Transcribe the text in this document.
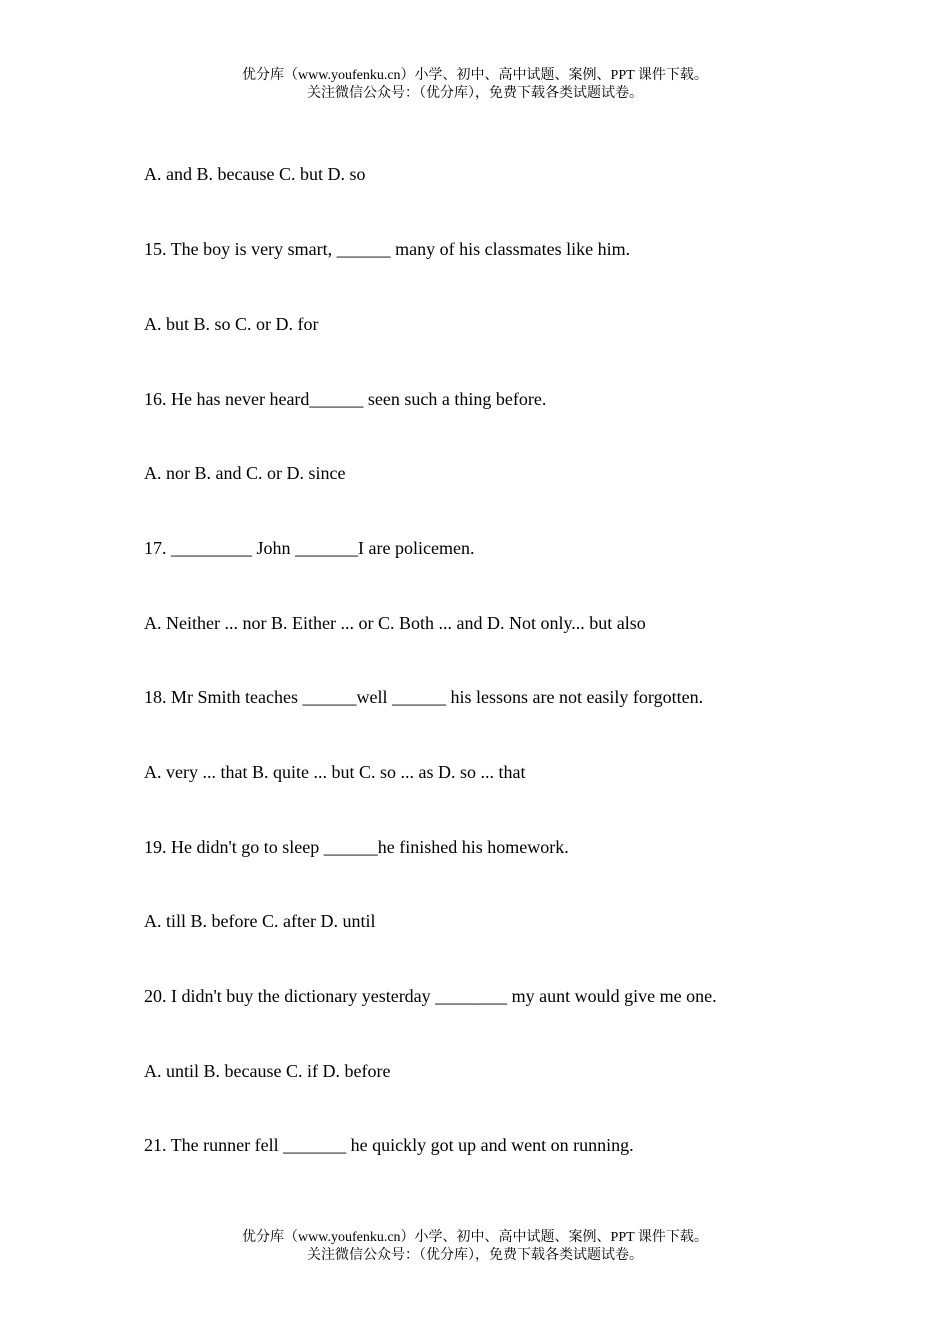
优分库（www.youfenku.cn）小学、初中、高中试题、案例、PPT 课件下载。
关注微信公众号：（优分库），免费下载各类试题试卷。
A. and B. because C. but D. so
15. The boy is very smart, ______ many of his classmates like him.
A. but B. so C. or D. for
16. He has never heard______ seen such a thing before.
A. nor B. and C. or D. since
17. _________ John _______I are policemen.
A. Neither ... nor B. Either ... or C. Both ... and D. Not only... but also
18. Mr Smith teaches ______well ______ his lessons are not easily forgotten.
A. very ... that B. quite ... but C. so ... as D. so ... that
19. He didn't go to sleep ______he finished his homework.
A. till B. before C. after D. until
20. I didn't buy the dictionary yesterday ________ my aunt would give me one.
A. until B. because C. if D. before
21. The runner fell _______ he quickly got up and went on running.
优分库（www.youfenku.cn）小学、初中、高中试题、案例、PPT 课件下载。
关注微信公众号：（优分库），免费下载各类试题试卷。
